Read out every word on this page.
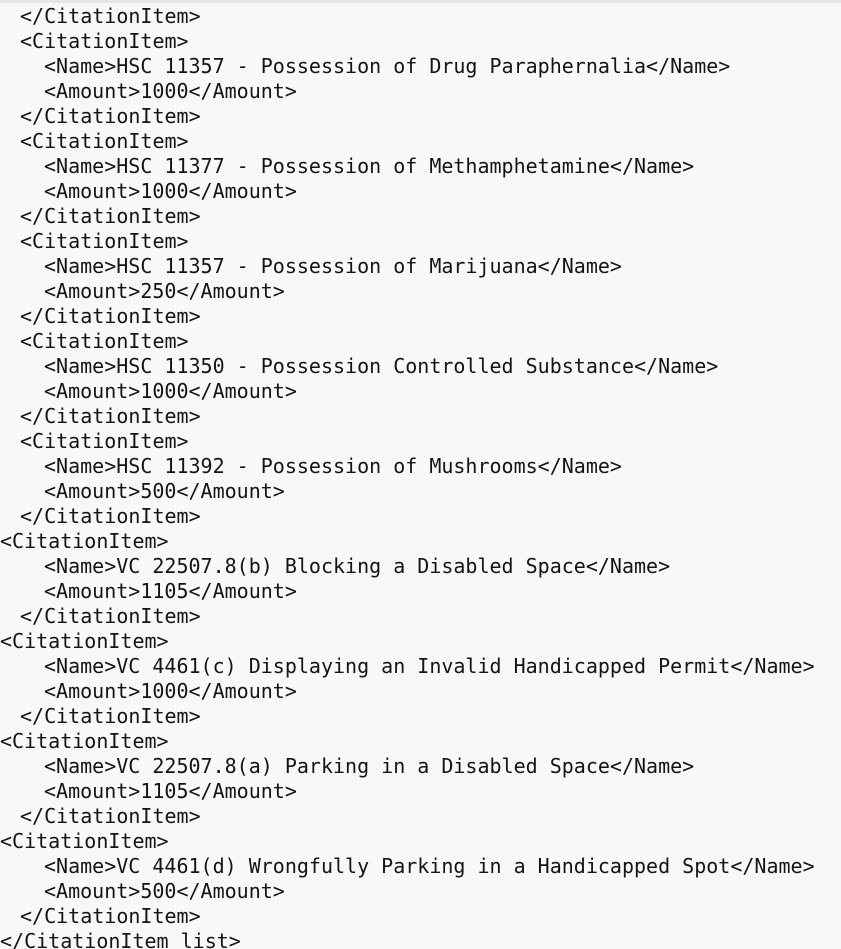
</CitationItem>
<CitationItem>
<Name>HSC 11357 - Possession of Drug Paraphernalia</Name>
<Amount>1000</Amount>
</CitationItem>
<CitationItem>
<Name>HSC 11377 - Possession of Methamphetamine</Name>
<Amount>1000</Amount>
</CitationItem>
<CitationItem>
<Name>HSC 11357 - Possession of Marijuana</Name>
<Amount>250</Amount>
</CitationItem>
<CitationItem>
<Name>HSC 11350 - Possession Controlled Substance</Name>
<Amount>1000</Amount>
</CitationItem>
<CitationItem>
<Name>HSC 11392 - Possession of Mushrooms</Name>
<Amount>500</Amount>
</CitationItem>
<CitationItem>
<Name>VC 22507.8(b) Blocking a Disabled Space</Name>
<Amount>1105</Amount>
</CitationItem>
<CitationItem>
<Name>VC 4461(c) Displaying an Invalid Handicapped Permit</Name>
<Amount>1000</Amount>
</CitationItem>
<CitationItem>
<Name>VC 22507.8(a) Parking in a Disabled Space</Name>
<Amount>1105</Amount>
</CitationItem>
<CitationItem>
<Name>VC 4461(d) Wrongfully Parking in a Handicapped Spot</Name>
<Amount>500</Amount>
</CitationItem>
</CitationItem list>
